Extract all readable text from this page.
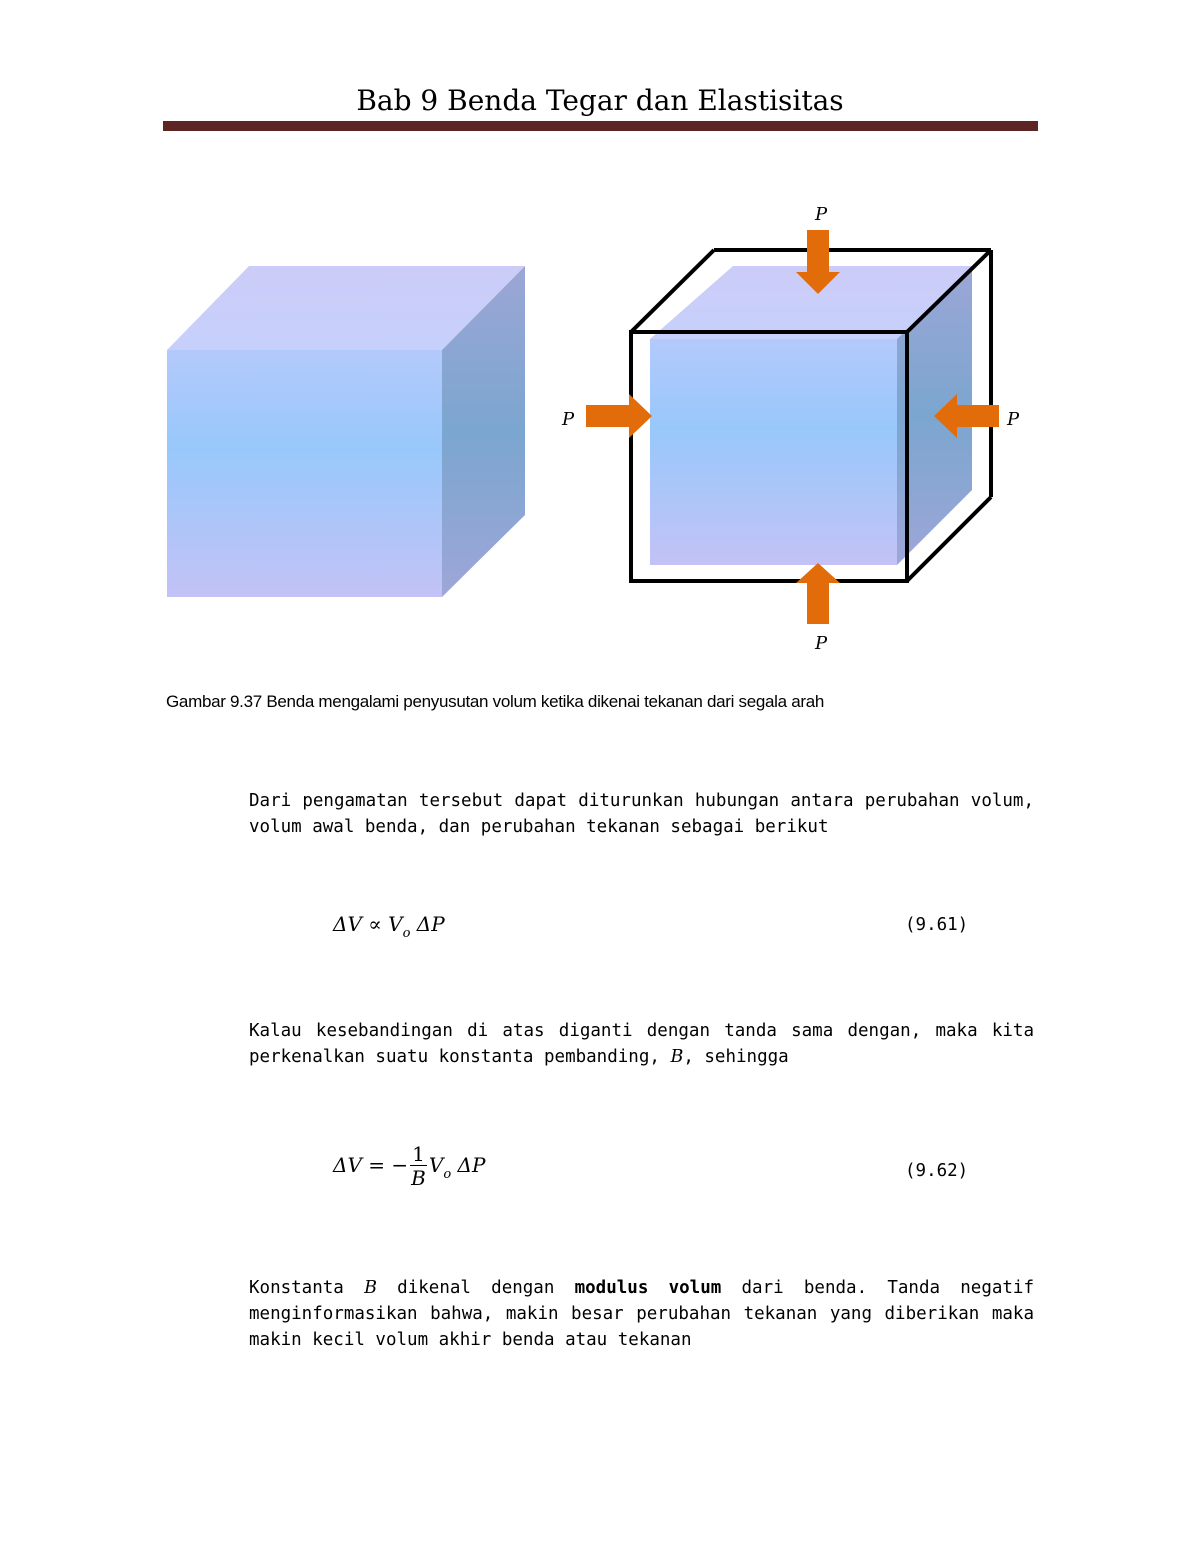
Bab 9 Benda Tegar dan Elastisitas
P
P
P	P
Gambar 9.37 Benda mengalami penyusutan volum ketika dikenai tekanan dari segala arah
Dari pengamatan tersebut dapat diturunkan hubungan antara perubahan volum, volum awal benda, dan perubahan tekanan sebagai berikut
$\Delta V \propto V_o$ ΔP	(9.61)
Kalau kesebandingan di atas diganti dengan tanda sama dengan, maka kita perkenalkan suatu konstanta pembanding, B, sehingga
ΔV = − $\frac{1}{B} V_o$ ΔP	(9.62)
Konstanta B dikenal dengan modulus volum dari benda. Tanda negatif menginformasikan bahwa, makin besar perubahan tekanan yang diberikan maka makin kecil volum akhir benda atau tekanan
